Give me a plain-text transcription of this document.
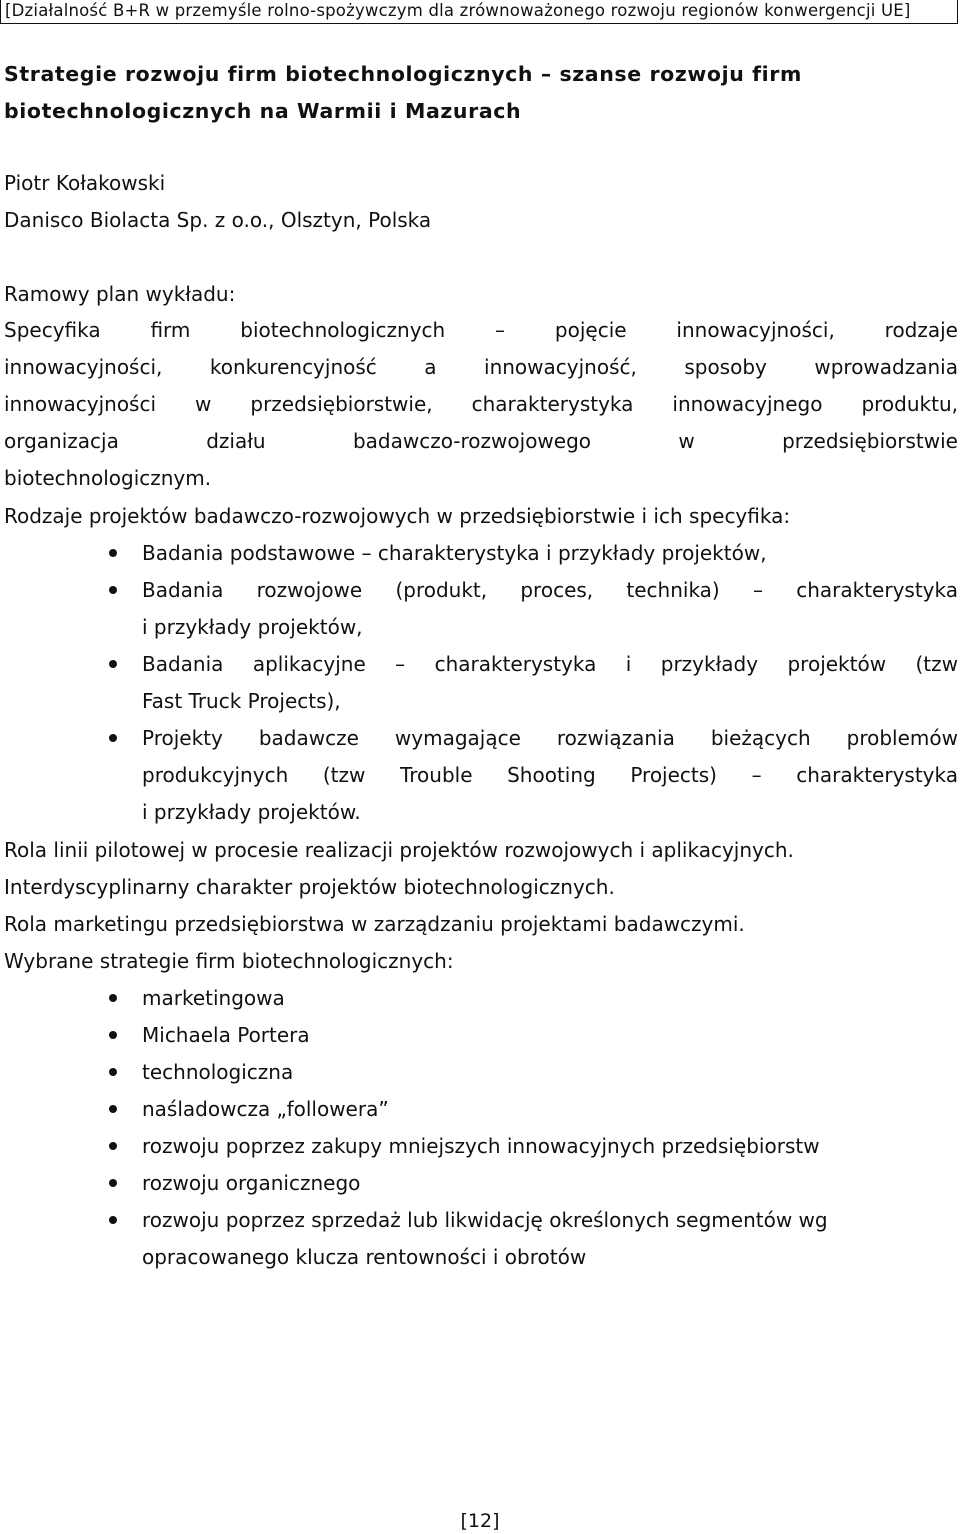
[Działalność B+R w przemyśle rolno-spożywczym dla zrównoważonego rozwoju regionów konwergencji UE]
Strategie rozwoju firm biotechnologicznych – szanse rozwoju firm
biotechnologicznych na Warmii i Mazurach
Piotr Kołakowski
Danisco Biolacta Sp. z o.o., Olsztyn, Polska
Ramowy plan wykładu:
Specyfika firm biotechnologicznych – pojęcie innowacyjności, rodzaje
innowacyjności, konkurencyjność a innowacyjność, sposoby wprowadzania
innowacyjności w przedsiębiorstwie, charakterystyka innowacyjnego produktu,
organizacja działu badawczo-rozwojowego w przedsiębiorstwie
biotechnologicznym.
Rodzaje projektów badawczo-rozwojowych w przedsiębiorstwie i ich specyfika:
Badania podstawowe – charakterystyka i przykłady projektów,
Badania rozwojowe (produkt, proces, technika) – charakterystyka
i przykłady projektów,
Badania aplikacyjne – charakterystyka i przykłady projektów (tzw
Fast Truck Projects),
Projekty badawcze wymagające rozwiązania bieżących problemów
produkcyjnych (tzw Trouble Shooting Projects) – charakterystyka
i przykłady projektów.
Rola linii pilotowej w procesie realizacji projektów rozwojowych i aplikacyjnych.
Interdyscyplinarny charakter projektów biotechnologicznych.
Rola marketingu przedsiębiorstwa w zarządzaniu projektami badawczymi.
Wybrane strategie firm biotechnologicznych:
marketingowa
Michaela Portera
technologiczna
naśladowcza „followera”
rozwoju poprzez zakupy mniejszych innowacyjnych przedsiębiorstw
rozwoju organicznego
rozwoju poprzez sprzedaż lub likwidację określonych segmentów wg
opracowanego klucza rentowności i obrotów
[12]
